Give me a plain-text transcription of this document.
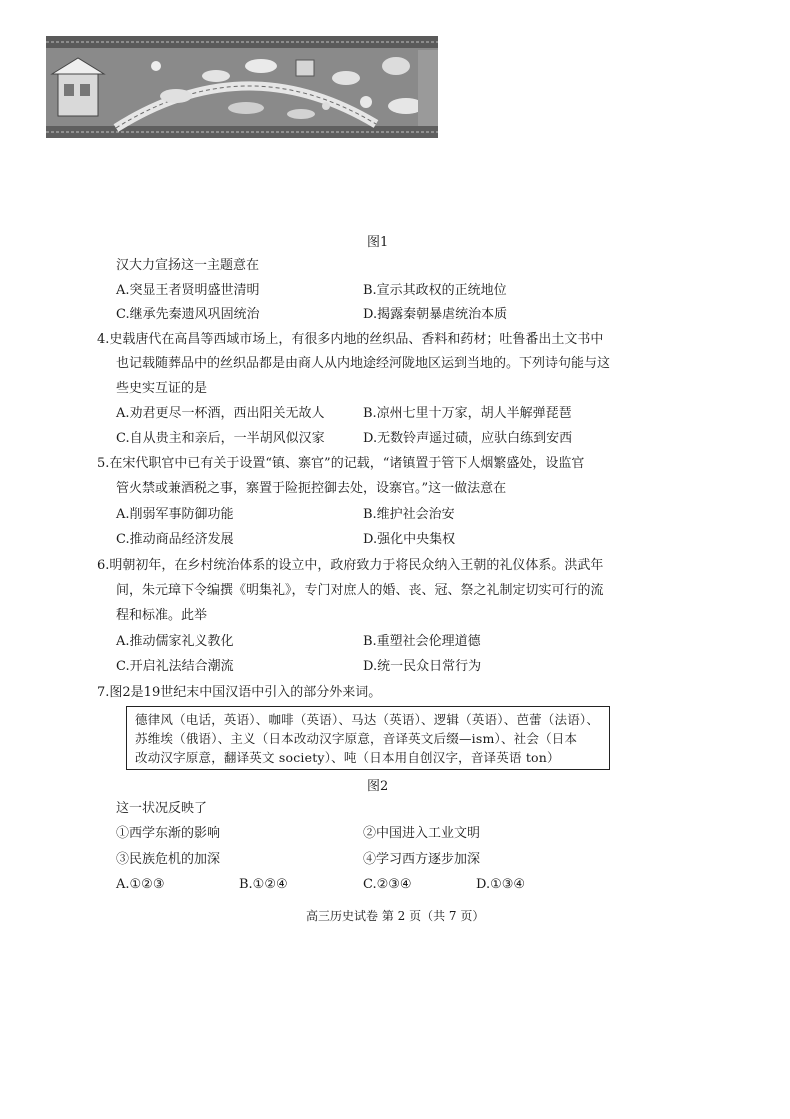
图1
汉大力宣扬这一主题意在
A.突显王者贤明盛世清明	B.宣示其政权的正统地位
C.继承先秦遗风巩固统治	D.揭露秦朝暴虐统治本质
4.史载唐代在高昌等西域市场上，有很多内地的丝织品、香料和药材；吐鲁番出土文书中
也记载随葬品中的丝织品都是由商人从内地途经河陇地区运到当地的。下列诗句能与这
些史实互证的是
A.劝君更尽一杯酒，西出阳关无故人	B.凉州七里十万家，胡人半解弹琵琶
C.自从贵主和亲后，一半胡风似汉家	D.无数铃声遥过碛，应驮白练到安西
5.在宋代职官中已有关于设置“镇、寨官”的记载，“诸镇置于管下人烟繁盛处，设监官
管火禁或兼酒税之事，寨置于险扼控御去处，设寨官。”这一做法意在
A.削弱军事防御功能	B.维护社会治安
C.推动商品经济发展	D.强化中央集权
6.明朝初年，在乡村统治体系的设立中，政府致力于将民众纳入王朝的礼仪体系。洪武年
间，朱元璋下令编撰《明集礼》，专门对庶人的婚、丧、冠、祭之礼制定切实可行的流
程和标准。此举
A.推动儒家礼义教化	B.重塑社会伦理道德
C.开启礼法结合潮流	D.统一民众日常行为
7.图2是19世纪末中国汉语中引入的部分外来词。
德律风（电话，英语）、咖啡（英语）、马达（英语）、逻辑（英语）、芭蕾（法语）、
苏维埃（俄语）、主义（日本改动汉字原意，音译英文后缀—ism）、社会（日本
改动汉字原意，翻译英文 society）、吨（日本用自创汉字，音译英语 ton）
图2
这一状况反映了
①西学东渐的影响	②中国进入工业文明
③民族危机的加深	④学习西方逐步加深
A.①②③	B.①②④	C.②③④	D.①③④
高三历史试卷 第 2 页（共 7 页）
